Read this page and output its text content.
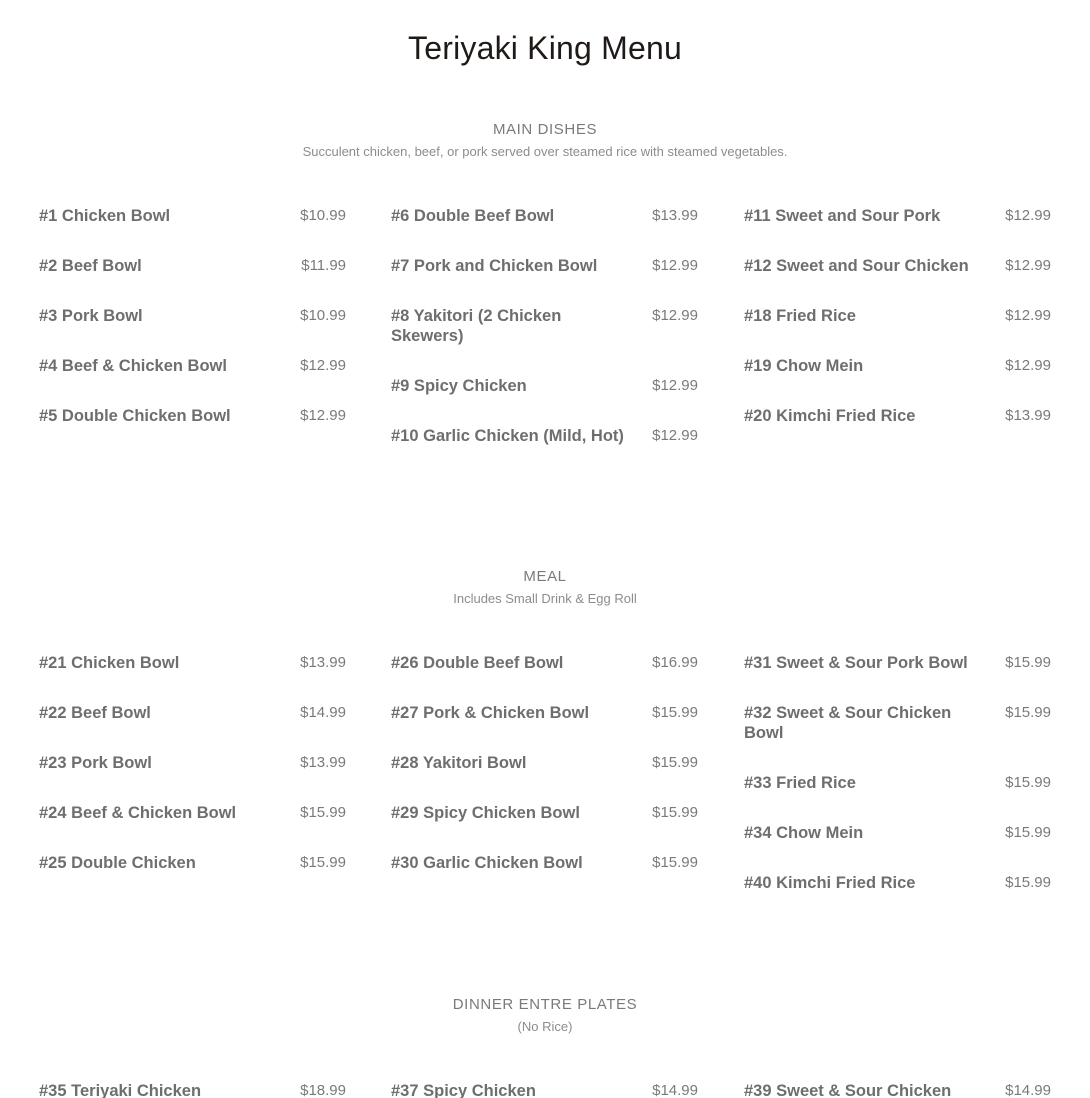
Teriyaki King Menu
MAIN DISHES
Succulent chicken, beef, or pork served over steamed rice with steamed vegetables.
#1 Chicken Bowl	$10.99
#2 Beef Bowl	$11.99
#3 Pork Bowl	$10.99
#4 Beef & Chicken Bowl	$12.99
#5 Double Chicken Bowl	$12.99
#6 Double Beef Bowl	$13.99
#7 Pork and Chicken Bowl	$12.99
#8 Yakitori (2 Chicken Skewers)
$12.99
#9 Spicy Chicken	$12.99
#10 Garlic Chicken (Mild, Hot) $12.99
#11 Sweet and Sour Pork	$12.99
#12 Sweet and Sour Chicken $12.99
#18 Fried Rice	$12.99
#19 Chow Mein	$12.99
#20 Kimchi Fried Rice	$13.99
MEAL
Includes Small Drink & Egg Roll
#21 Chicken Bowl	$13.99
#22 Beef Bowl	$14.99
#23 Pork Bowl	$13.99
#24 Beef & Chicken Bowl	$15.99
#25 Double Chicken	$15.99
#26 Double Beef Bowl	$16.99
#27 Pork & Chicken Bowl	$15.99
#28 Yakitori Bowl	$15.99
#29 Spicy Chicken Bowl	$15.99
#30 Garlic Chicken Bowl	$15.99
#31 Sweet & Sour Pork Bowl $15.99
#32 Sweet & Sour Chicken Bowl
$15.99
#33 Fried Rice	$15.99
#34 Chow Mein	$15.99
#40 Kimchi Fried Rice	$15.99
DINNER ENTRE PLATES
(No Rice)
#35 Teriyaki Chicken	$18.99	#37 Spicy Chicken	$14.99	#39 Sweet & Sour Chicken	$14.99
